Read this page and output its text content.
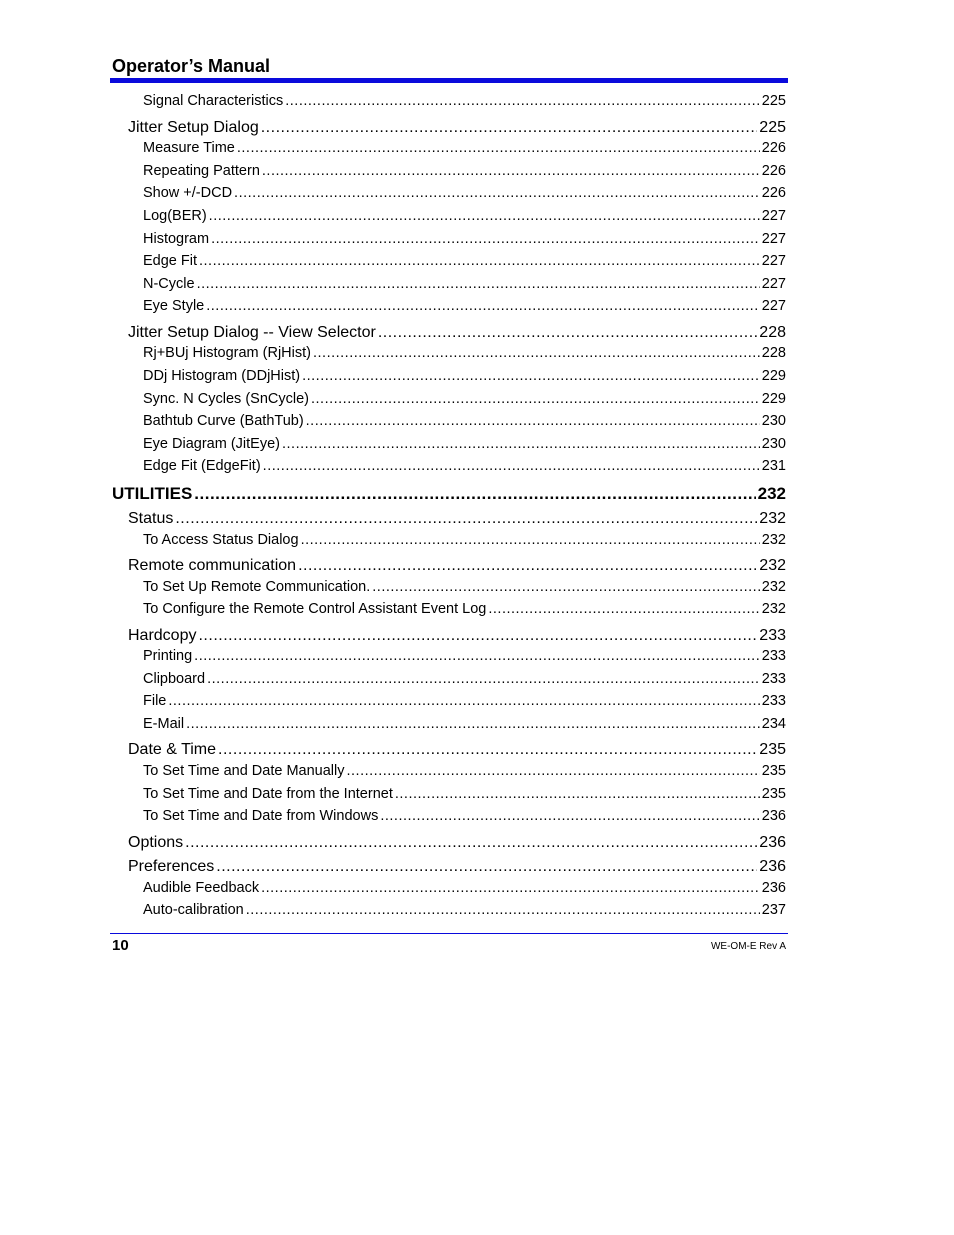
Operator’s Manual
Signal Characteristics .....	225
Jitter Setup Dialog .....	225
Measure Time .....	226
Repeating Pattern .....	226
Show +/-DCD .....	226
Log(BER) .....	227
Histogram .....	227
Edge Fit .....	227
N-Cycle .....	227
Eye Style .....	227
Jitter Setup Dialog -- View Selector .....	228
Rj+BUj Histogram (RjHist) .....	228
DDj Histogram (DDjHist) .....	229
Sync. N Cycles (SnCycle) .....	229
Bathtub Curve (BathTub) .....	230
Eye Diagram (JitEye) .....	230
Edge Fit (EdgeFit) .....	231
UTILITIES .....	232
Status .....	232
To Access Status Dialog .....	232
Remote communication .....	232
To Set Up Remote Communication. .....	232
To Configure the Remote Control Assistant Event Log .....	232
Hardcopy .....	233
Printing .....	233
Clipboard .....	233
File .....	233
E-Mail .....	234
Date & Time .....	235
To Set Time and Date Manually .....	235
To Set Time and Date from the Internet .....	235
To Set Time and Date from Windows .....	236
Options .....	236
Preferences .....	236
Audible Feedback .....	236
Auto-calibration .....	237
10	WE-OM-E Rev A
